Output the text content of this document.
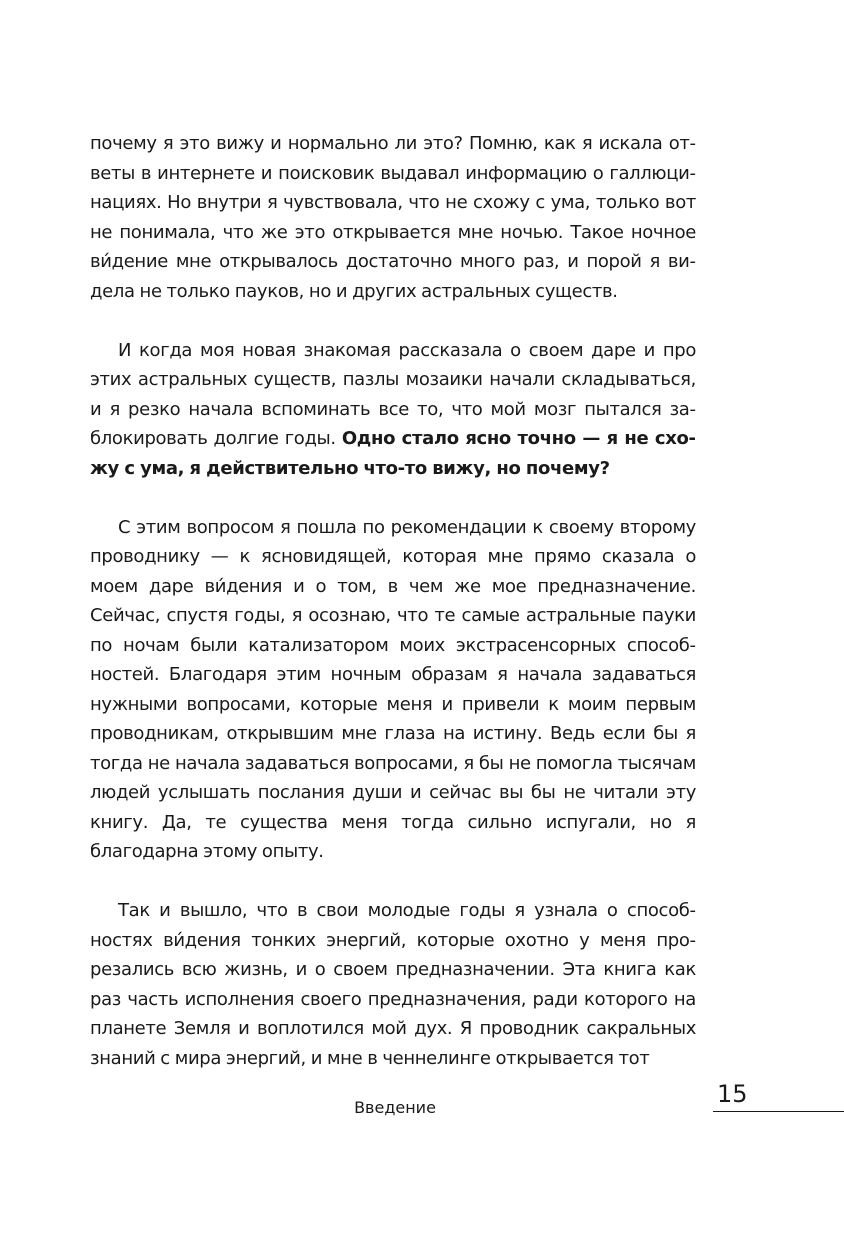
почему я это вижу и нормально ли это? Помню, как я искала ответы в интернете и поисковик выдавал информацию о галлюцинациях. Но внутри я чувствовала, что не схожу с ума, только вот не понимала, что же это открывается мне ночью. Такое ночное ви́дение мне открывалось достаточно много раз, и порой я видела не только пауков, но и других астральных существ.

И когда моя новая знакомая рассказала о своем даре и про этих астральных существ, пазлы мозаики начали складываться, и я резко начала вспоминать все то, что мой мозг пытался заблокировать долгие годы. Одно стало ясно точно — я не схожу с ума, я действительно что-то вижу, но почему?

С этим вопросом я пошла по рекомендации к своему второму проводнику — к ясновидящей, которая мне прямо сказала о моем даре ви́дения и о том, в чем же мое предназначение. Сейчас, спустя годы, я осознаю, что те самые астральные пауки по ночам были катализатором моих экстрасенсорных способностей. Благодаря этим ночным образам я начала задаваться нужными вопросами, которые меня и привели к моим первым проводникам, открывшим мне глаза на истину. Ведь если бы я тогда не начала задаваться вопросами, я бы не помогла тысячам людей услышать послания души и сейчас вы бы не читали эту книгу. Да, те существа меня тогда сильно испугали, но я благодарна этому опыту.

Так и вышло, что в свои молодые годы я узнала о способностях ви́дения тонких энергий, которые охотно у меня прорезались всю жизнь, и о своем предназначении. Эта книга как раз часть исполнения своего предназначения, ради которого на планете Земля и воплотился мой дух. Я проводник сакральных знаний с мира энергий, и мне в ченнелинге открывается тот

Введение	15
